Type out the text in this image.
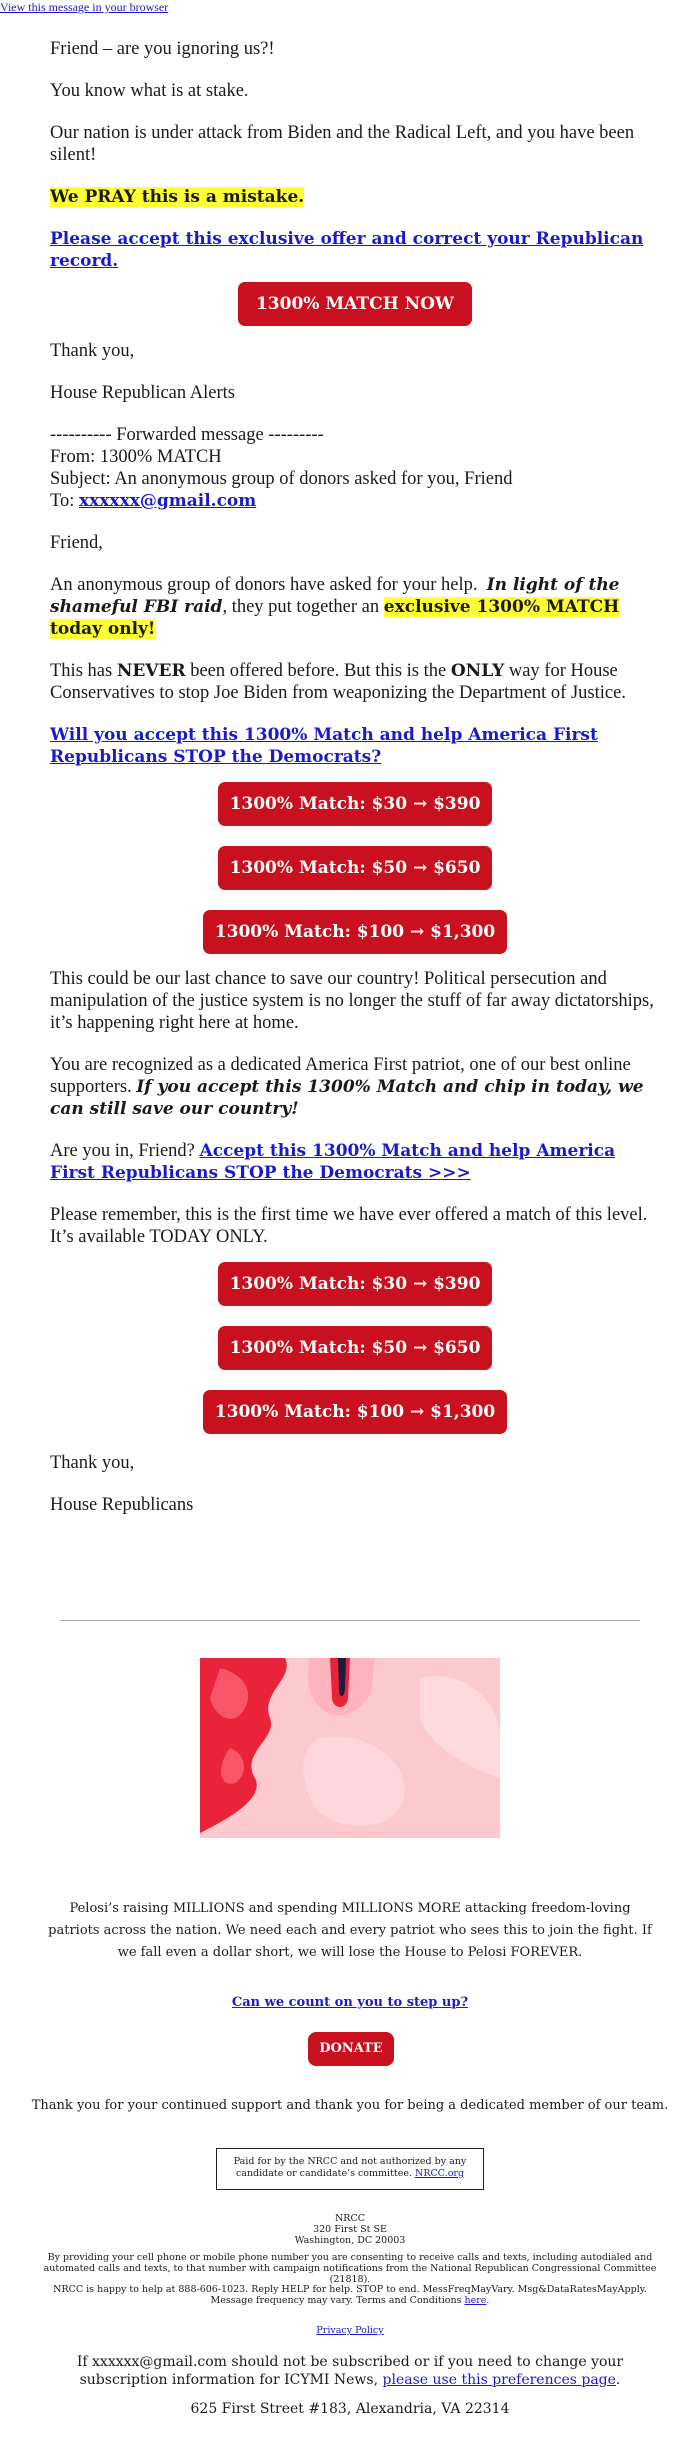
View this message in your browser

Friend – are you ignoring us?!

You know what is at stake.

Our nation is under attack from Biden and the Radical Left, and you have been silent!

We PRAY this is a mistake.

Please accept this exclusive offer and correct your Republican record.

1300% MATCH NOW

Thank you,

House Republican Alerts

---------- Forwarded message ---------

From: 1300% MATCH

Subject: An anonymous group of donors asked for you, Friend

To: xxxxxx@gmail.com

Friend,

An anonymous group of donors have asked for your help. In light of the shameful FBI raid, they put together an exclusive 1300% MATCH today only!

This has NEVER been offered before. But this is the ONLY way for House Conservatives to stop Joe Biden from weaponizing the Department of Justice.

Will you accept this 1300% Match and help America First Republicans STOP the Democrats?

1300% Match: $30 → $390
1300% Match: $50 → $650
1300% Match: $100 → $1,300

This could be our last chance to save our country! Political persecution and manipulation of the justice system is no longer the stuff of far away dictatorships, it’s happening right here at home.

You are recognized as a dedicated America First patriot, one of our best online supporters. If you accept this 1300% Match and chip in today, we can still save our country!

Are you in, Friend? Accept this 1300% Match and help America First Republicans STOP the Democrats >>>

Please remember, this is the first time we have ever offered a match of this level. It’s available TODAY ONLY.

1300% Match: $30 → $390
1300% Match: $50 → $650
1300% Match: $100 → $1,300

Thank you,

House Republicans

Pelosi’s raising MILLIONS and spending MILLIONS MORE attacking freedom-loving patriots across the nation. We need each and every patriot who sees this to join the fight. If we fall even a dollar short, we will lose the House to Pelosi FOREVER.
Can we count on you to step up?
DONATE
Thank you for your continued support and thank you for being a dedicated member of our team.
Paid for by the NRCC and not authorized by any candidate or candidate’s committee. NRCC.org
NRCC
320 First St SE
Washington, DC 20003
By providing your cell phone or mobile phone number you are consenting to receive calls and texts, including autodialed and automated calls and texts, to that number with campaign notifications from the National Republican Congressional Committee (21818).
NRCC is happy to help at 888-606-1023. Reply HELP for help. STOP to end. MessFreqMayVary. Msg&DataRatesMayApply. Message frequency may vary. Terms and Conditions here.
Privacy Policy
If xxxxxx@gmail.com should not be subscribed or if you need to change your subscription information for ICYMI News, please use this preferences page.
625 First Street #183, Alexandria, VA 22314
